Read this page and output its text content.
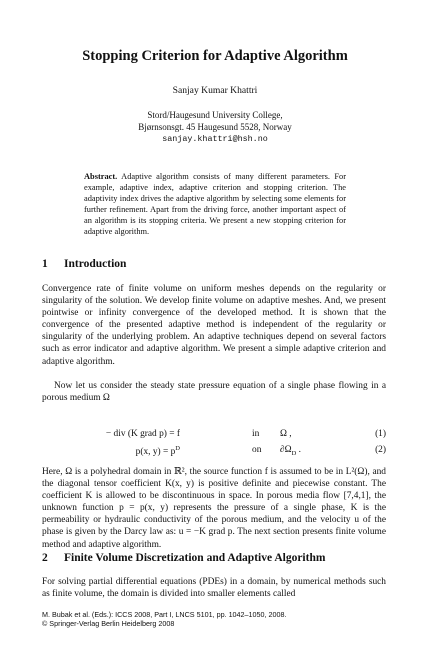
Stopping Criterion for Adaptive Algorithm
Sanjay Kumar Khattri
Stord/Haugesund University College,
Bjørnsonsgt. 45 Haugesund 5528, Norway
sanjay.khattri@hsh.no
Abstract. Adaptive algorithm consists of many different parameters. For example, adaptive index, adaptive criterion and stopping criterion. The adaptivity index drives the adaptive algorithm by selecting some elements for further refinement. Apart from the driving force, another important aspect of an algorithm is its stopping criteria. We present a new stopping criterion for adaptive algorithm.
1 Introduction
Convergence rate of finite volume on uniform meshes depends on the regularity or singularity of the solution. We develop finite volume on adaptive meshes. And, we present pointwise or infinity convergence of the developed method. It is shown that the convergence of the presented adaptive method is independent of the regularity or singularity of the underlying problem. An adaptive techniques depend on several factors such as error indicator and adaptive algorithm. We present a simple adaptive criterion and adaptive algorithm.
Now let us consider the steady state pressure equation of a single phase flowing in a porous medium Ω
− div (K grad p) = f	in Ω ,	(1)
p(x, $y) = p^D$	on $\partial\Omega_D$ .	(2)
Here, Ω is a polyhedral domain in ℝ², the source function f is assumed to be in L²(Ω), and the diagonal tensor coefficient K(x, y) is positive definite and piecewise constant. The coefficient K is allowed to be discontinuous in space. In porous media flow [7,4,1], the unknown function p = p(x, y) represents the pressure of a single phase, K is the permeability or hydraulic conductivity of the porous medium, and the velocity u of the phase is given by the Darcy law as: u = −K grad p. The next section presents finite volume method and adaptive algorithm.
2 Finite Volume Discretization and Adaptive Algorithm
For solving partial differential equations (PDEs) in a domain, by numerical methods such as finite volume, the domain is divided into smaller elements called
M. Bubak et al. (Eds.): ICCS 2008, Part I, LNCS 5101, pp. 1042–1050, 2008.
© Springer-Verlag Berlin Heidelberg 2008
